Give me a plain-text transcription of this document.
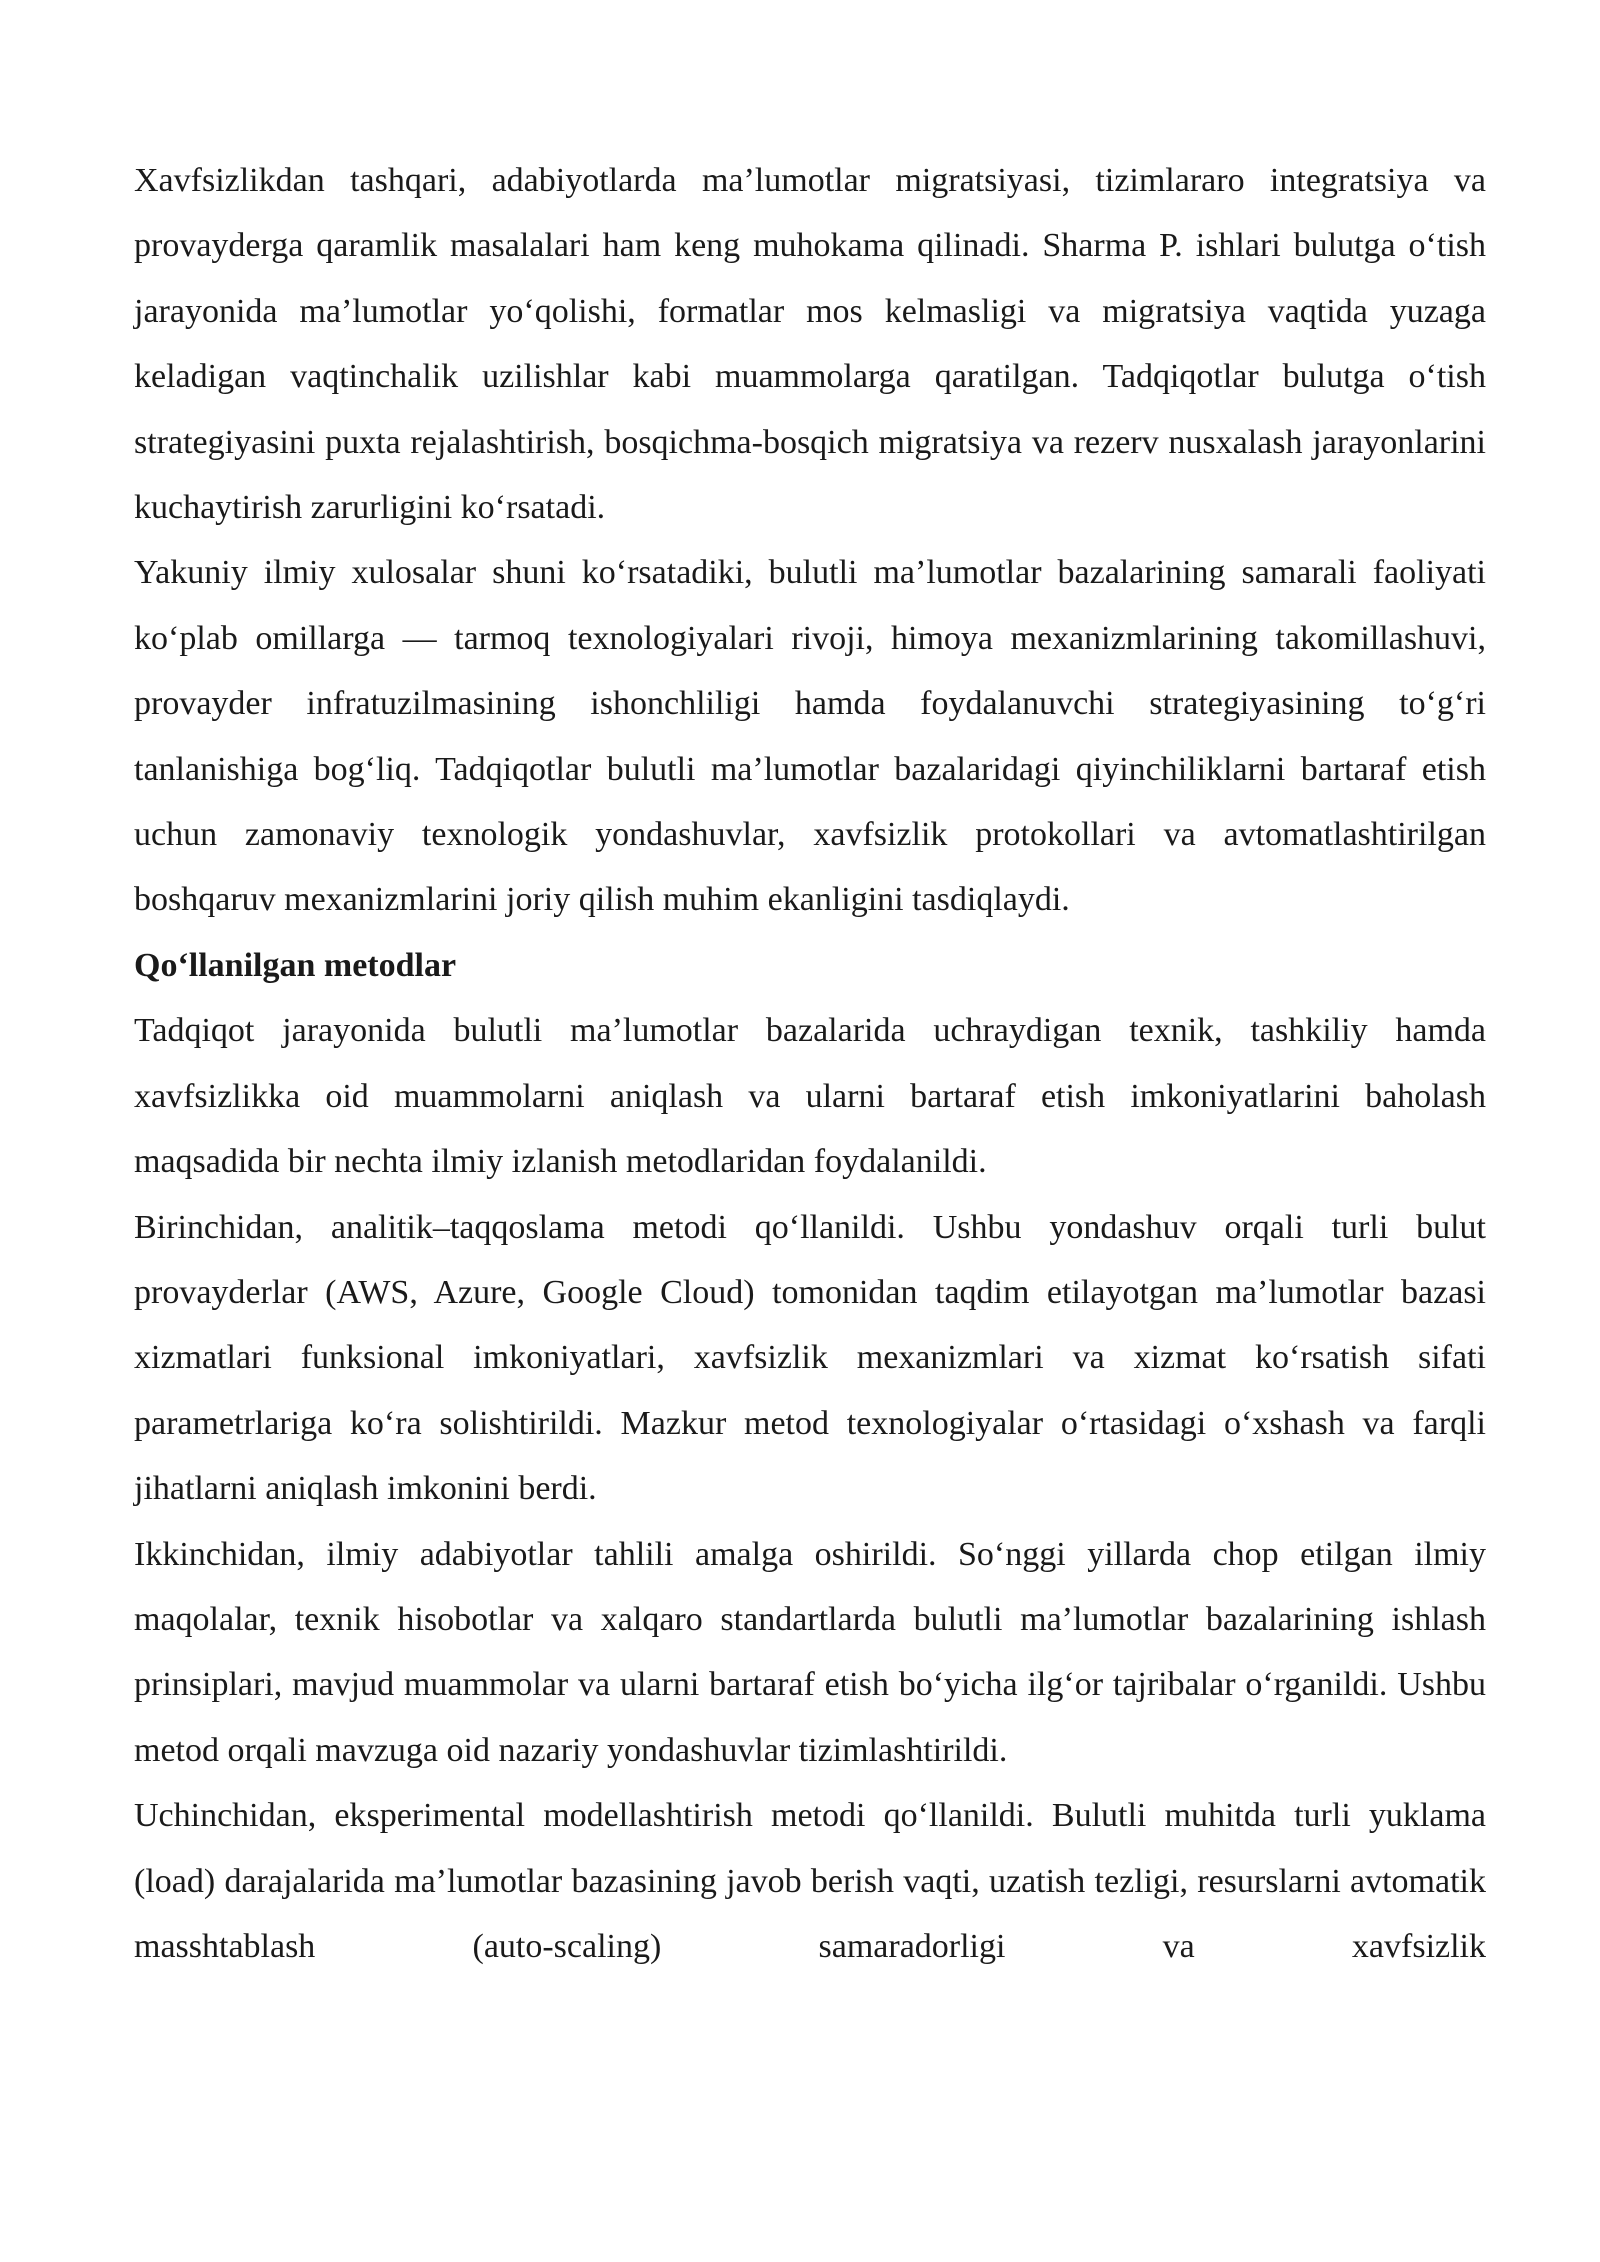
Xavfsizlikdan tashqari, adabiyotlarda ma’lumotlar migratsiyasi, tizimlararo integratsiya va provayderga qaramlik masalalari ham keng muhokama qilinadi. Sharma P. ishlari bulutga o‘tish jarayonida ma’lumotlar yo‘qolishi, formatlar mos kelmasligi va migratsiya vaqtida yuzaga keladigan vaqtinchalik uzilishlar kabi muammolarga qaratilgan. Tadqiqotlar bulutga o‘tish strategiyasini puxta rejalashtirish, bosqichma-bosqich migratsiya va rezerv nusxalash jarayonlarini kuchaytirish zarurligini ko‘rsatadi.

Yakuniy ilmiy xulosalar shuni ko‘rsatadiki, bulutli ma’lumotlar bazalarining samarali faoliyati ko‘plab omillarga — tarmoq texnologiyalari rivoji, himoya mexanizmlarining takomillashuvi, provayder infratuzilmasining ishonchliligi hamda foydalanuvchi strategiyasining to‘g‘ri tanlanishiga bog‘liq. Tadqiqotlar bulutli ma’lumotlar bazalaridagi qiyinchiliklarni bartaraf etish uchun zamonaviy texnologik yondashuvlar, xavfsizlik protokollari va avtomatlashtirilgan boshqaruv mexanizmlarini joriy qilish muhim ekanligini tasdiqlaydi.

Qo‘llanilgan metodlar

Tadqiqot jarayonida bulutli ma’lumotlar bazalarida uchraydigan texnik, tashkiliy hamda xavfsizlikka oid muammolarni aniqlash va ularni bartaraf etish imkoniyatlarini baholash maqsadida bir nechta ilmiy izlanish metodlaridan foydalanildi.

Birinchidan, analitik–taqqoslama metodi qo‘llanildi. Ushbu yondashuv orqali turli bulut provayderlar (AWS, Azure, Google Cloud) tomonidan taqdim etilayotgan ma’lumotlar bazasi xizmatlari funksional imkoniyatlari, xavfsizlik mexanizmlari va xizmat ko‘rsatish sifati parametrlariga ko‘ra solishtirildi. Mazkur metod texnologiyalar o‘rtasidagi o‘xshash va farqli jihatlarni aniqlash imkonini berdi.

Ikkinchidan, ilmiy adabiyotlar tahlili amalga oshirildi. So‘nggi yillarda chop etilgan ilmiy maqolalar, texnik hisobotlar va xalqaro standartlarda bulutli ma’lumotlar bazalarining ishlash prinsiplari, mavjud muammolar va ularni bartaraf etish bo‘yicha ilg‘or tajribalar o‘rganildi. Ushbu metod orqali mavzuga oid nazariy yondashuvlar tizimlashtirildi.

Uchinchidan, eksperimental modellashtirish metodi qo‘llanildi. Bulutli muhitda turli yuklama (load) darajalarida ma’lumotlar bazasining javob berish vaqti, uzatish tezligi, resurslarni avtomatik masshtablash (auto-scaling) samaradorligi va xavfsizlik
